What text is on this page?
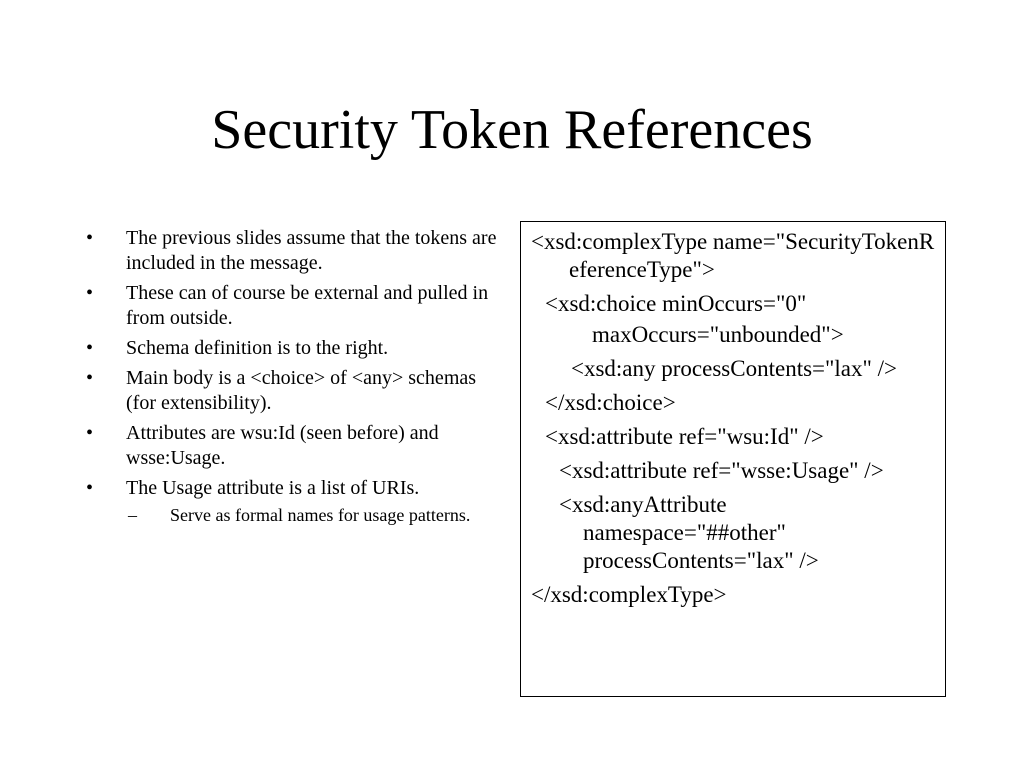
Security Token References
• The previous slides assume that the tokens are included in the message.
• These can of course be external and pulled in from outside.
• Schema definition is to the right.
• Main body is a <choice> of <any> schemas (for extensibility).
• Attributes are wsu:Id (seen before) and wsse:Usage.
• The Usage attribute is a list of URIs.
– Serve as formal names for usage patterns.
<xsd:complexType name="SecurityTokenReferenceType">
<xsd:choice minOccurs="0"
maxOccurs="unbounded">
<xsd:any processContents="lax" />
</xsd:choice>
<xsd:attribute ref="wsu:Id" />
<xsd:attribute ref="wsse:Usage" />
<xsd:anyAttribute namespace="##other" processContents="lax" />
</xsd:complexType>
